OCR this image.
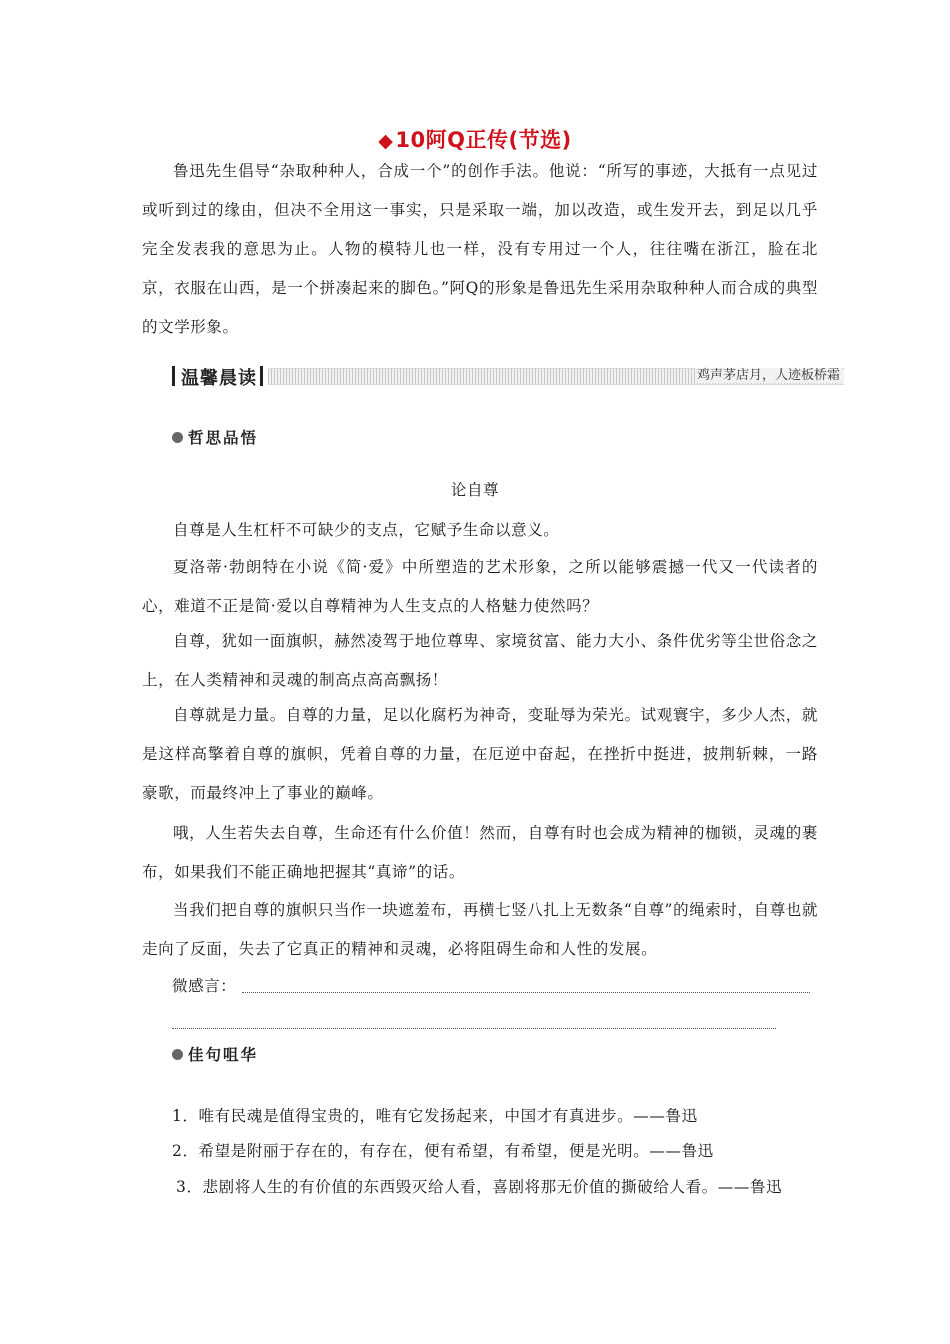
◆10阿Q正传(节选)

鲁迅先生倡导“杂取种种人，合成一个”的创作手法。他说：“所写的事迹，大抵有一点见过或听到过的缘由，但决不全用这一事实，只是采取一端，加以改造，或生发开去，到足以几乎完全发表我的意思为止。人物的模特儿也一样，没有专用过一个人，往往嘴在浙江，脸在北京，衣服在山西，是一个拼凑起来的脚色。”阿Q的形象是鲁迅先生采用杂取种种人而合成的典型的文学形象。

温馨晨读	鸡声茅店月，人迹板桥霜
哲思品悟
论自尊

自尊是人生杠杆不可缺少的支点，它赋予生命以意义。

夏洛蒂·勃朗特在小说《简·爱》中所塑造的艺术形象，之所以能够震撼一代又一代读者的心，难道不正是简·爱以自尊精神为人生支点的人格魅力使然吗？

自尊，犹如一面旗帜，赫然凌驾于地位尊卑、家境贫富、能力大小、条件优劣等尘世俗念之上，在人类精神和灵魂的制高点高高飘扬！

自尊就是力量。自尊的力量，足以化腐朽为神奇，变耻辱为荣光。试观寰宇，多少人杰，就是这样高擎着自尊的旗帜，凭着自尊的力量，在厄逆中奋起，在挫折中挺进，披荆斩棘，一路豪歌，而最终冲上了事业的巅峰。

哦，人生若失去自尊，生命还有什么价值！然而，自尊有时也会成为精神的枷锁，灵魂的裹布，如果我们不能正确地把握其“真谛”的话。

当我们把自尊的旗帜只当作一块遮羞布，再横七竖八扎上无数条“自尊”的绳索时，自尊也就走向了反面，失去了它真正的精神和灵魂，必将阻碍生命和人性的发展。

微感言：
佳句咀华
1．唯有民魂是值得宝贵的，唯有它发扬起来，中国才有真进步。——鲁迅
2．希望是附丽于存在的，有存在，便有希望，有希望，便是光明。——鲁迅
3．悲剧将人生的有价值的东西毁灭给人看，喜剧将那无价值的撕破给人看。——鲁迅
